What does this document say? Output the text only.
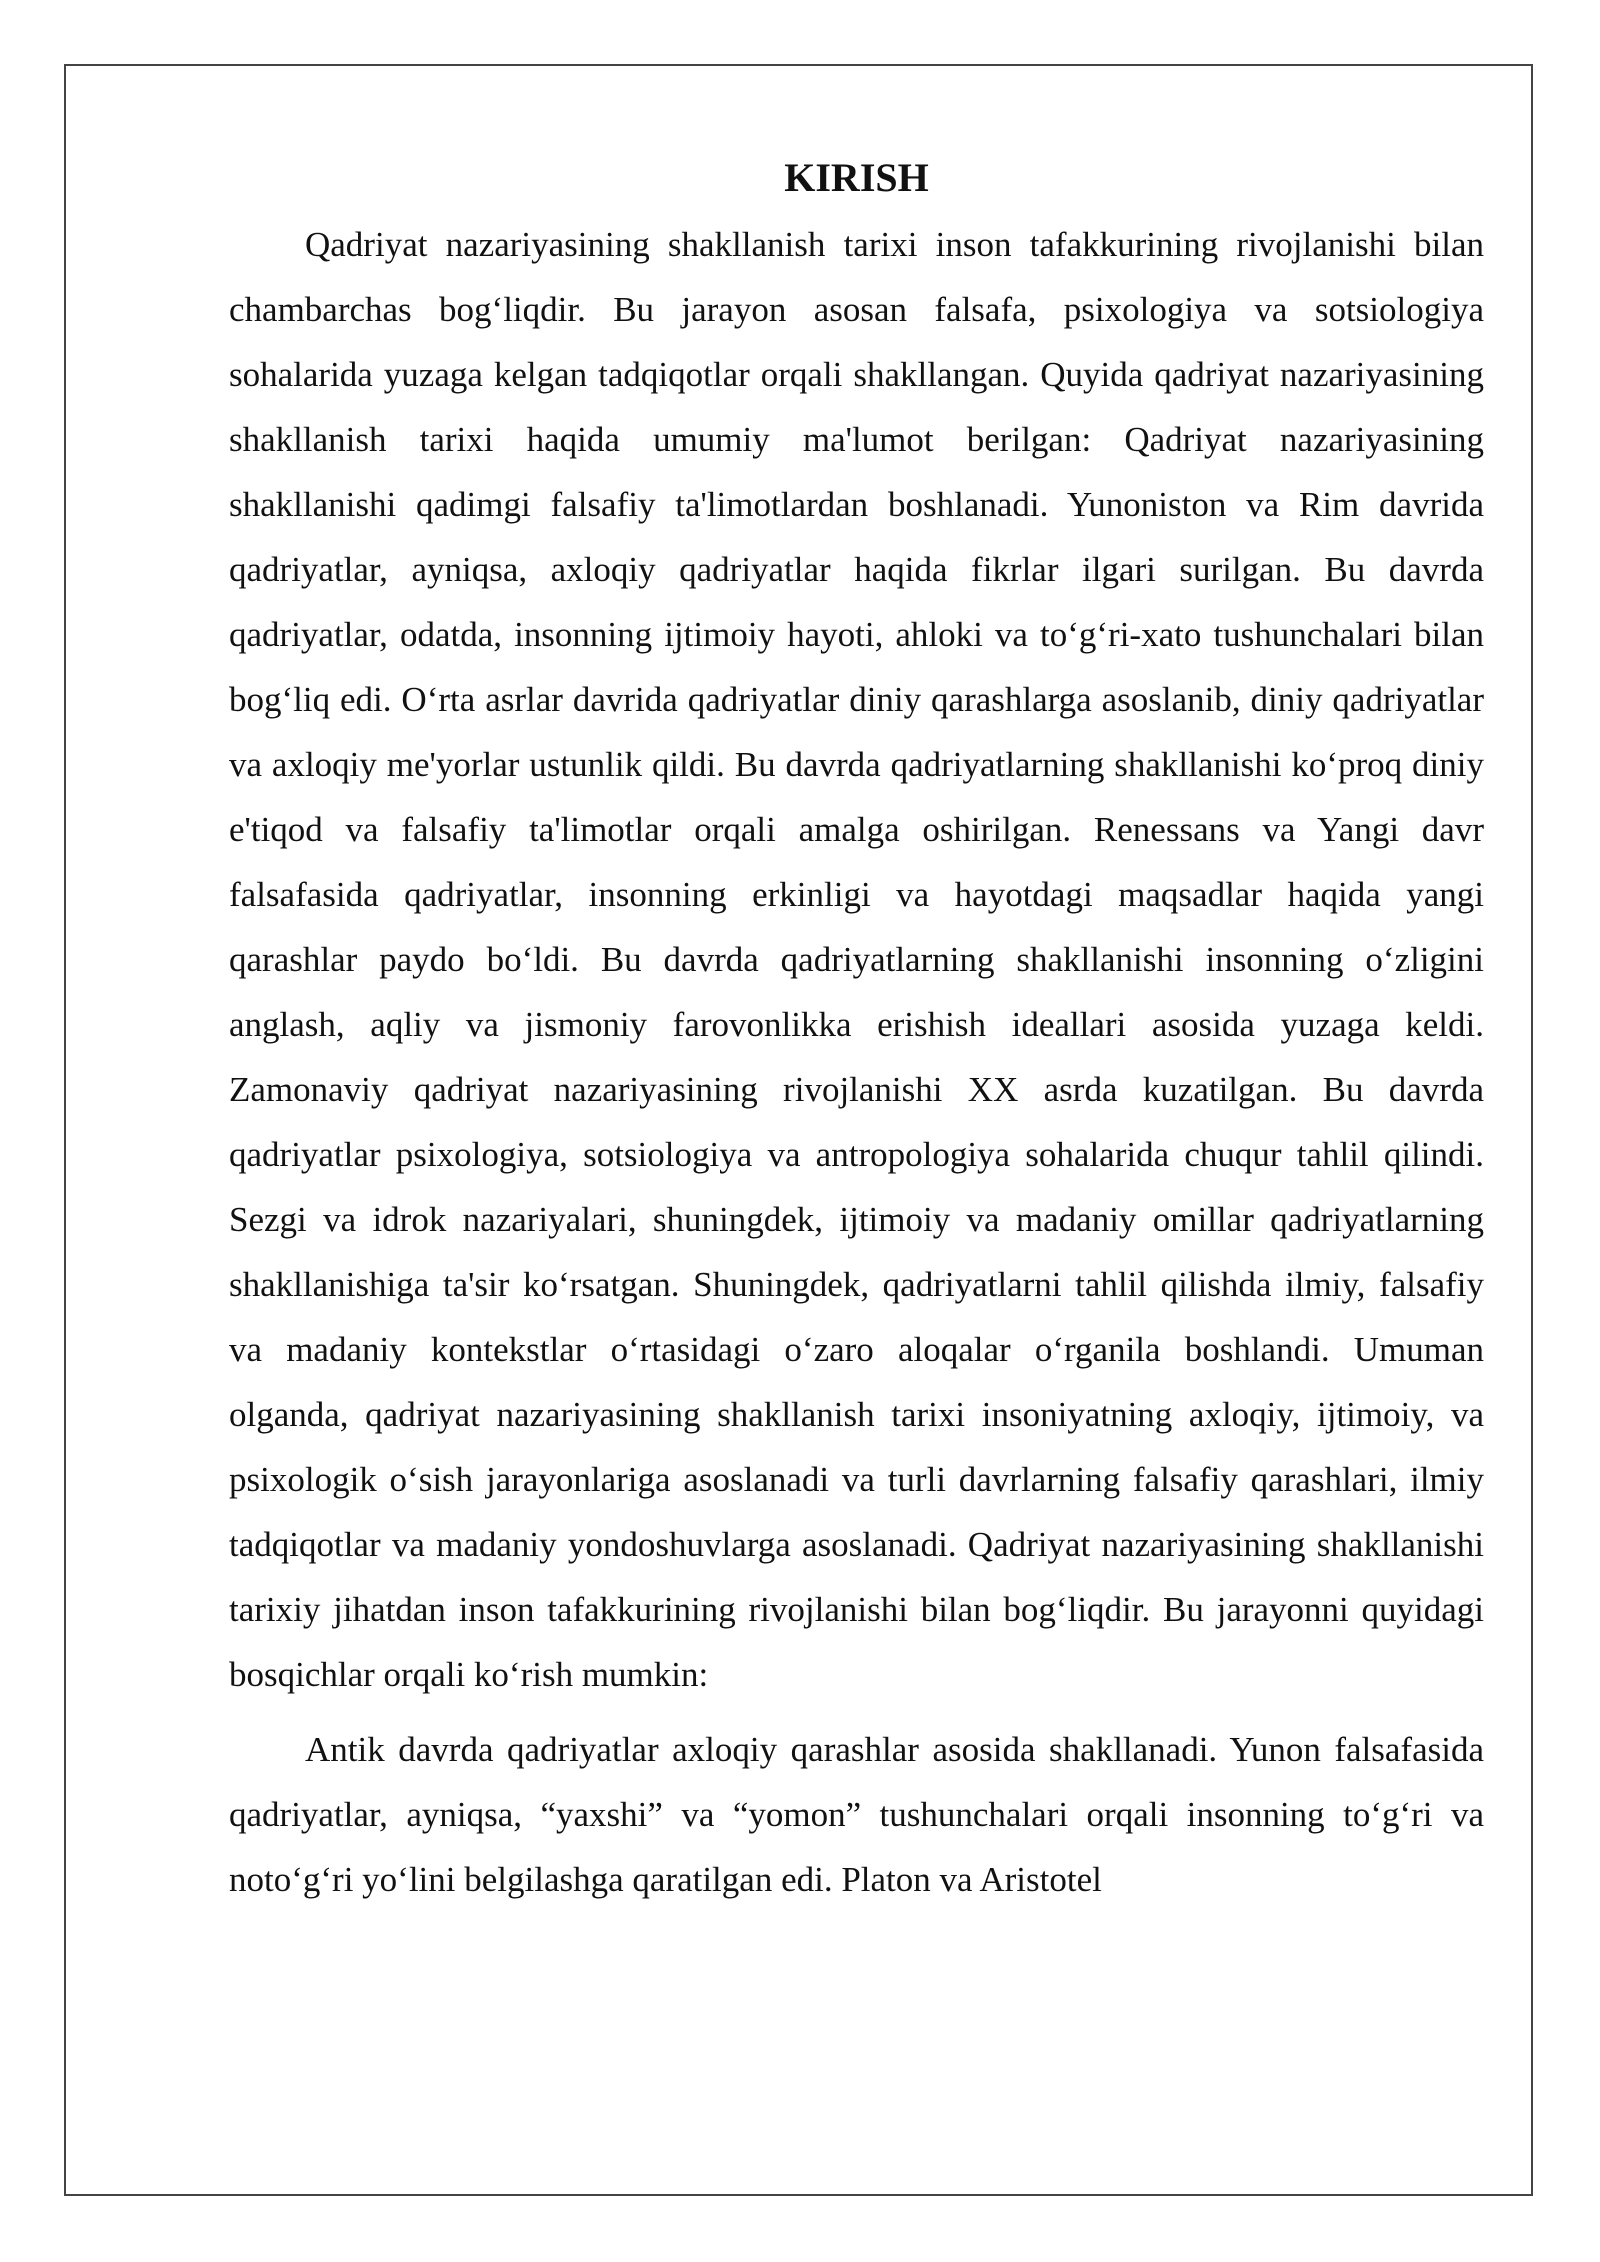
KIRISH

Qadriyat nazariyasining shakllanish tarixi inson tafakkurining rivojlanishi bilan chambarchas bog‘liqdir. Bu jarayon asosan falsafa, psixologiya va sotsiologiya sohalarida yuzaga kelgan tadqiqotlar orqali shakllangan. Quyida qadriyat nazariyasining shakllanish tarixi haqida umumiy ma'lumot berilgan: Qadriyat nazariyasining shakllanishi qadimgi falsafiy ta'limotlardan boshlanadi. Yunoniston va Rim davrida qadriyatlar, ayniqsa, axloqiy qadriyatlar haqida fikrlar ilgari surilgan. Bu davrda qadriyatlar, odatda, insonning ijtimoiy hayoti, ahloki va to‘g‘ri-xato tushunchalari bilan bog‘liq edi. O‘rta asrlar davrida qadriyatlar diniy qarashlarga asoslanib, diniy qadriyatlar va axloqiy me'yorlar ustunlik qildi. Bu davrda qadriyatlarning shakllanishi ko‘proq diniy e'tiqod va falsafiy ta'limotlar orqali amalga oshirilgan. Renessans va Yangi davr falsafasida qadriyatlar, insonning erkinligi va hayotdagi maqsadlar haqida yangi qarashlar paydo bo‘ldi. Bu davrda qadriyatlarning shakllanishi insonning o‘zligini anglash, aqliy va jismoniy farovonlikka erishish ideallari asosida yuzaga keldi. Zamonaviy qadriyat nazariyasining rivojlanishi XX asrda kuzatilgan. Bu davrda qadriyatlar psixologiya, sotsiologiya va antropologiya sohalarida chuqur tahlil qilindi. Sezgi va idrok nazariyalari, shuningdek, ijtimoiy va madaniy omillar qadriyatlarning shakllanishiga ta'sir ko‘rsatgan. Shuningdek, qadriyatlarni tahlil qilishda ilmiy, falsafiy va madaniy kontekstlar o‘rtasidagi o‘zaro aloqalar o‘rganila boshlandi. Umuman olganda, qadriyat nazariyasining shakllanish tarixi insoniyatning axloqiy, ijtimoiy, va psixologik o‘sish jarayonlariga asoslanadi va turli davrlarning falsafiy qarashlari, ilmiy tadqiqotlar va madaniy yondoshuvlarga asoslanadi. Qadriyat nazariyasining shakllanishi tarixiy jihatdan inson tafakkurining rivojlanishi bilan bog‘liqdir. Bu jarayonni quyidagi bosqichlar orqali ko‘rish mumkin:

Antik davrda qadriyatlar axloqiy qarashlar asosida shakllanadi. Yunon falsafasida qadriyatlar, ayniqsa, “yaxshi” va “yomon” tushunchalari orqali insonning to‘g‘ri va noto‘g‘ri yo‘lini belgilashga qaratilgan edi. Platon va Aristotel
